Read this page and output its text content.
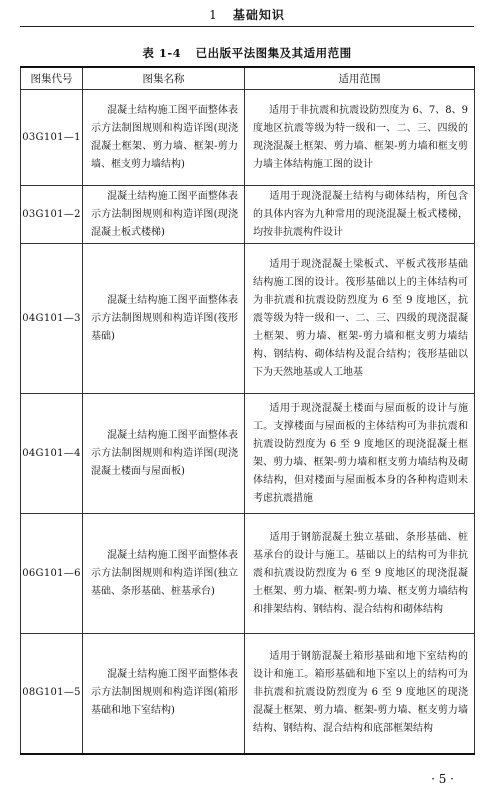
1 基础知识
表 1-4 已出版平法图集及其适用范围
图集代号	图集名称	适用范围
03G101—1	混凝土结构施工图平面整体表示方法制图规则和构造详图(现浇混凝土框架、剪力墙、框架-剪力墙、框支剪力墙结构)	适用于非抗震和抗震设防烈度为 6、7、8、9 度地区抗震等级为特一级和一、二、三、四级的现浇混凝土框架、剪力墙、框架-剪力墙和框支剪力墙主体结构施工图的设计
03G101—2	混凝土结构施工图平面整体表示方法制图规则和构造详图(现浇混凝土板式楼梯)	适用于现浇混凝土结构与砌体结构，所包含的具体内容为九种常用的现浇混凝土板式楼梯，均按非抗震构件设计
04G101—3	混凝土结构施工图平面整体表示方法制图规则和构造详图(筏形基础)	适用于现浇混凝土梁板式、平板式筏形基础结构施工图的设计。筏形基础以上的主体结构可为非抗震和抗震设防烈度为 6 至 9 度地区，抗震等级为特一级和一、二、三、四级的现浇混凝土框架、剪力墙、框架-剪力墙和框支剪力墙结构、钢结构、砌体结构及混合结构；筏形基础以下为天然地基或人工地基
04G101—4	混凝土结构施工图平面整体表示方法制图规则和构造详图(现浇混凝土楼面与屋面板)	适用于现浇混凝土楼面与屋面板的设计与施工。支撑楼面与屋面板的主体结构可为非抗震和抗震设防烈度为 6 至 9 度地区的现浇混凝土框架、剪力墙、框架-剪力墙和框支剪力墙结构及砌体结构，但对楼面与屋面板本身的各种构造则未考虑抗震措施
06G101—6	混凝土结构施工图平面整体表示方法制图规则和构造详图(独立基础、条形基础、桩基承台)	适用于钢筋混凝土独立基础、条形基础、桩基承台的设计与施工。基础以上的结构可为非抗震和抗震设防烈度为 6 至 9 度地区的现浇混凝土框架、剪力墙、框架-剪力墙、框支剪力墙结构和排架结构、钢结构、混合结构和砌体结构
08G101—5	混凝土结构施工图平面整体表示方法制图规则和构造详图(箱形基础和地下室结构)	适用于钢筋混凝土箱形基础和地下室结构的设计和施工。箱形基础和地下室以上的结构可为非抗震和抗震设防烈度为 6 至 9 度地区的现浇混凝土框架、剪力墙、框架-剪力墙、框支剪力墙结构、钢结构、混合结构和底部框架结构
· 5 ·
